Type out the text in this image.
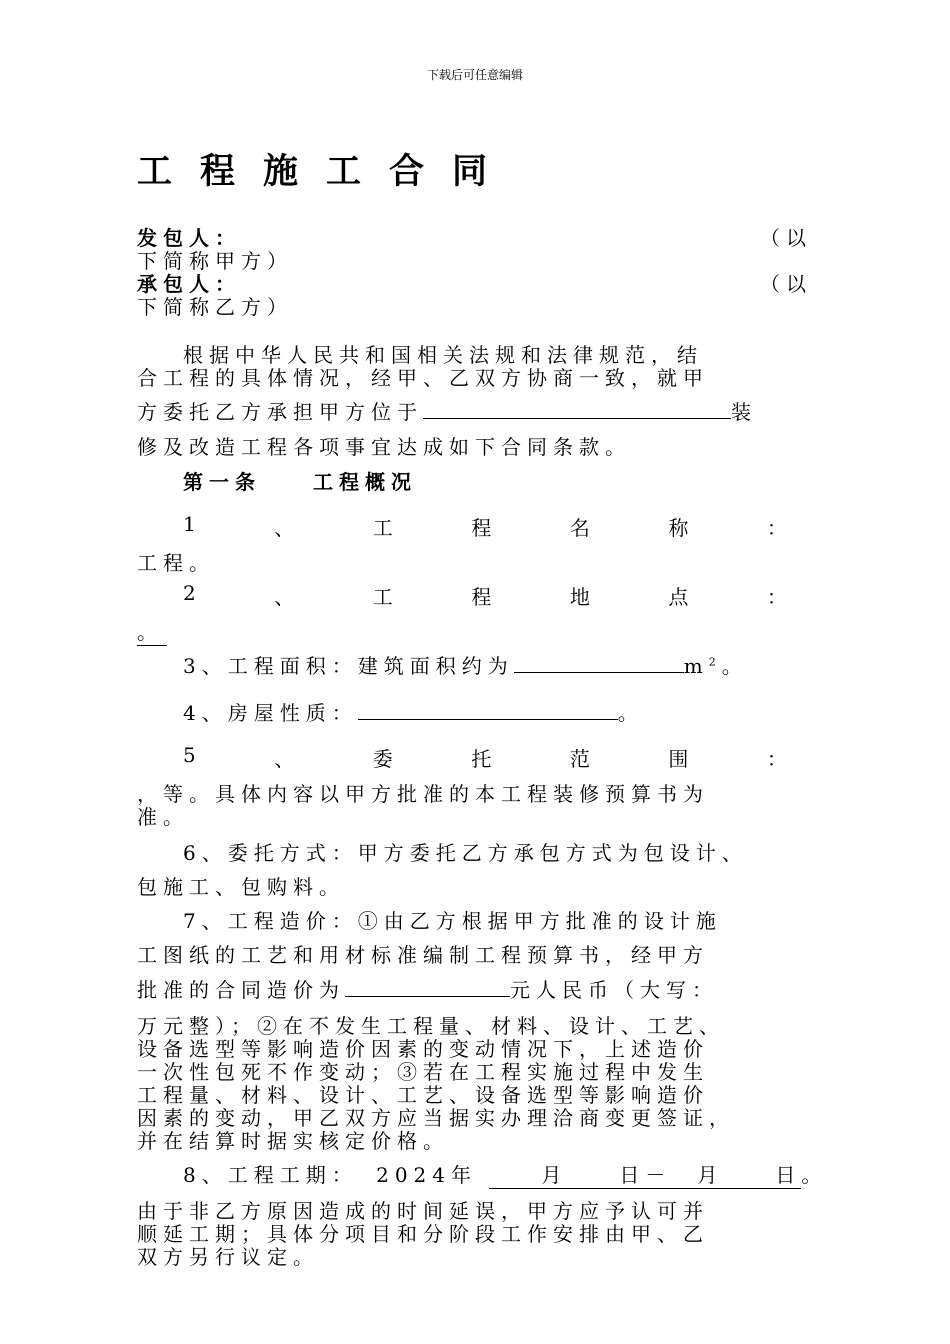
下载后可任意编辑
工程施工合同
发包人：	（以
下简称甲方）
承包人：	（以
下简称乙方）
根据中华人民共和国相关法规和法律规范，结
合工程的具体情况，经甲、乙双方协商一致，就甲
方委托乙方承担甲方位于	装
修及改造工程各项事宜达成如下合同条款。
第一条　　工程概况
1	、	工	程	名	称	：
工程。
2	、	工	程	地	点	：
。
3、工程面积：建筑面积约为	$m^2$。
4、房屋性质：	。
5	、	委	托	范	围	：
，等。具体内容以甲方批准的本工程装修预算书为
准。
6、委托方式：甲方委托乙方承包方式为包设计、
包施工、包购料。
7、工程造价：①由乙方根据甲方批准的设计施
工图纸的工艺和用材标准编制工程预算书，经甲方
批准的合同造价为	元人民币（大写：
万元整）；②在不发生工程量、材料、设计、工艺、
设备选型等影响造价因素的变动情况下，上述造价
一次性包死不作变动；③若在工程实施过程中发生
工程量、材料、设计、工艺、设备选型等影响造价
因素的变动，甲乙双方应当据实办理洽商变更签证，
并在结算时据实核定价格。
8、工程工期： 2024年 　　月　　日－　月　　日。
由于非乙方原因造成的时间延误，甲方应予认可并
顺延工期；具体分项目和分阶段工作安排由甲、乙
双方另行议定。
